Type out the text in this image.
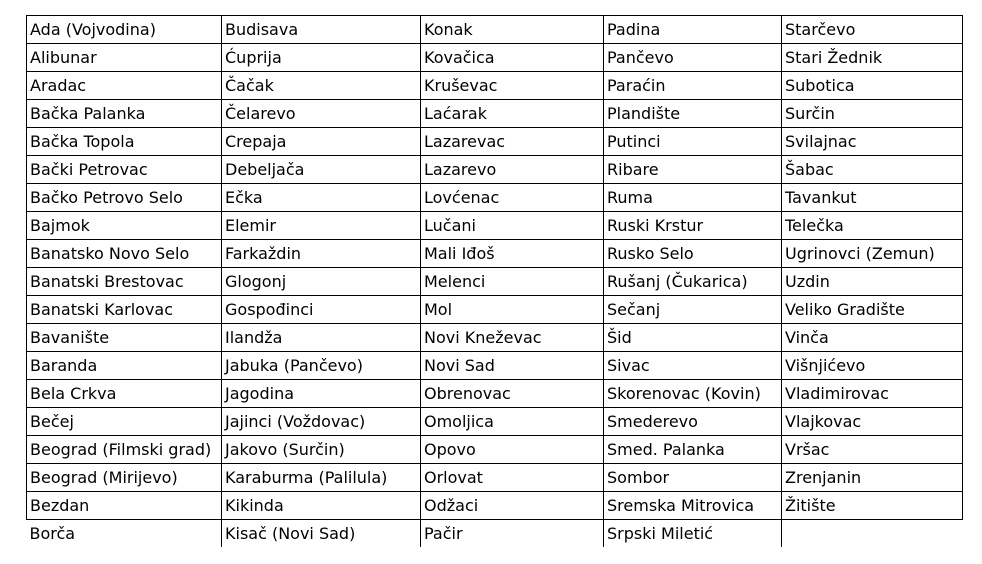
Ada (Vojvodina)	Budisava	Konak	Padina	Starčevo
Alibunar	Ćuprija	Kovačica	Pančevo	Stari Žednik
Aradac	Čačak	Kruševac	Paraćin	Subotica
Bačka Palanka	Čelarevo	Laćarak	Plandište	Surčin
Bačka Topola	Crepaja	Lazarevac	Putinci	Svilajnac
Bački Petrovac	Debeljača	Lazarevo	Ribare	Šabac
Bačko Petrovo Selo	Ečka	Lovćenac	Ruma	Tavankut
Bajmok	Elemir	Lučani	Ruski Krstur	Telečka
Banatsko Novo Selo	Farkaždin	Mali Iđoš	Rusko Selo	Ugrinovci (Zemun)
Banatski Brestovac	Glogonj	Melenci	Rušanj (Čukarica)	Uzdin
Banatski Karlovac	Gospođinci	Mol	Sečanj	Veliko Gradište
Bavanište	Ilandža	Novi Kneževac	Šid	Vinča
Baranda	Jabuka (Pančevo)	Novi Sad	Sivac	Višnjićevo
Bela Crkva	Jagodina	Obrenovac	Skorenovac (Kovin)	Vladimirovac
Bečej	Jajinci (Voždovac)	Omoljica	Smederevo	Vlajkovac
Beograd (Filmski grad)	Jakovo (Surčin)	Opovo	Smed. Palanka	Vršac
Beograd (Mirijevo)	Karaburma (Palilula)	Orlovat	Sombor	Zrenjanin
Bezdan	Kikinda	Odžaci	Sremska Mitrovica	Žitište
Borča	Kisač (Novi Sad)	Pačir	Srpski Miletić	
